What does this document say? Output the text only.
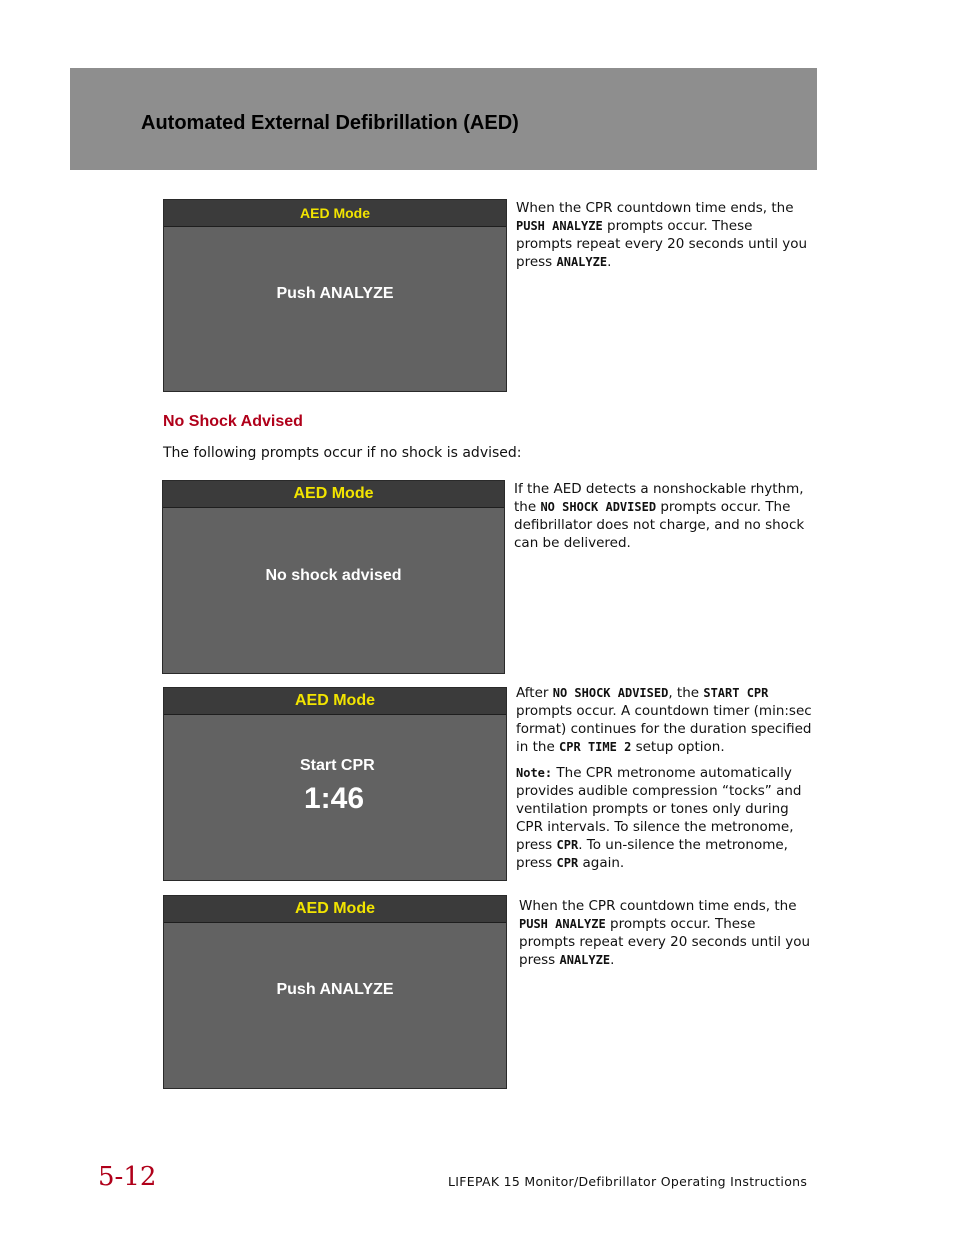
Automated External Defibrillation (AED)
AED Mode
Push ANALYZE

When the CPR countdown time ends, the PUSH ANALYZE prompts occur. These prompts repeat every 20 seconds until you press ANALYZE.

No Shock Advised
The following prompts occur if no shock is advised:
AED Mode
No shock advised

If the AED detects a nonshockable rhythm, the NO SHOCK ADVISED prompts occur. The defibrillator does not charge, and no shock can be delivered.

AED Mode
Start CPR
1:46

After NO SHOCK ADVISED, the START CPR prompts occur. A countdown timer (min:sec format) continues for the duration specified in the CPR TIME 2 setup option.

Note: The CPR metronome automatically provides audible compression “tocks” and ventilation prompts or tones only during CPR intervals. To silence the metronome, press CPR. To un-silence the metronome, press CPR again.

AED Mode
Push ANALYZE

When the CPR countdown time ends, the PUSH ANALYZE prompts occur. These prompts repeat every 20 seconds until you press ANALYZE.

5-12	LIFEPAK 15 Monitor/Defibrillator Operating Instructions
